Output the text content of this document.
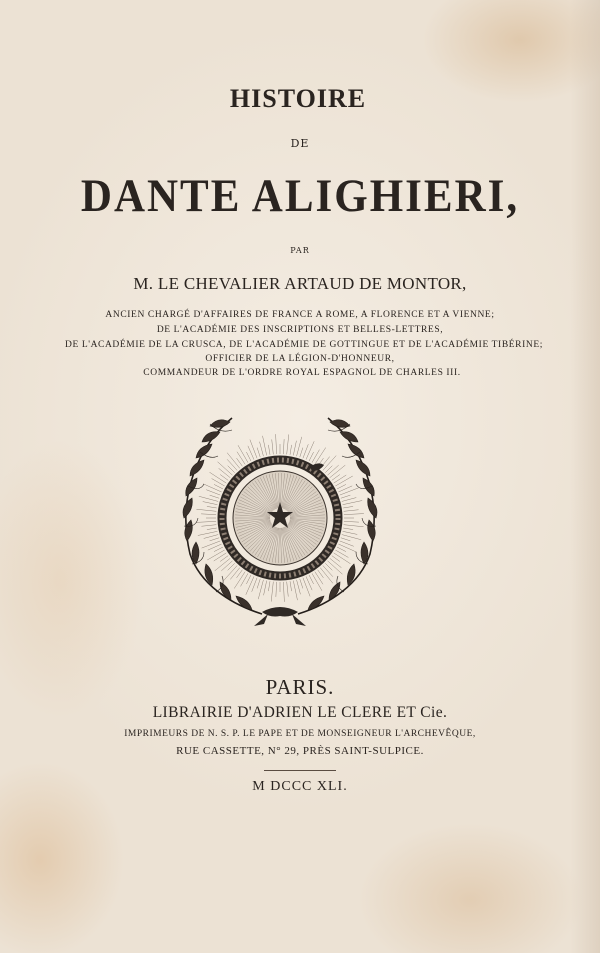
HISTOIRE
DE
DANTE ALIGHIERI,
PAR
M. LE CHEVALIER ARTAUD DE MONTOR,
ANCIEN CHARGÉ D'AFFAIRES DE FRANCE A ROME, A FLORENCE ET A VIENNE;
DE L'ACADÉMIE DES INSCRIPTIONS ET BELLES-LETTRES,
DE L'ACADÉMIE DE LA CRUSCA, DE L'ACADÉMIE DE GOTTINGUE ET DE L'ACADÉMIE TIBÉRINE;
OFFICIER DE LA LÉGION-D'HONNEUR,
COMMANDEUR DE L'ORDRE ROYAL ESPAGNOL DE CHARLES III.
PARIS.
LIBRAIRIE D'ADRIEN LE CLERE ET Cie.
IMPRIMEURS DE N. S. P. LE PAPE ET DE MONSEIGNEUR L'ARCHEVÊQUE,
RUE CASSETTE, N° 29, PRÈS SAINT-SULPICE.
M DCCC XLI.
